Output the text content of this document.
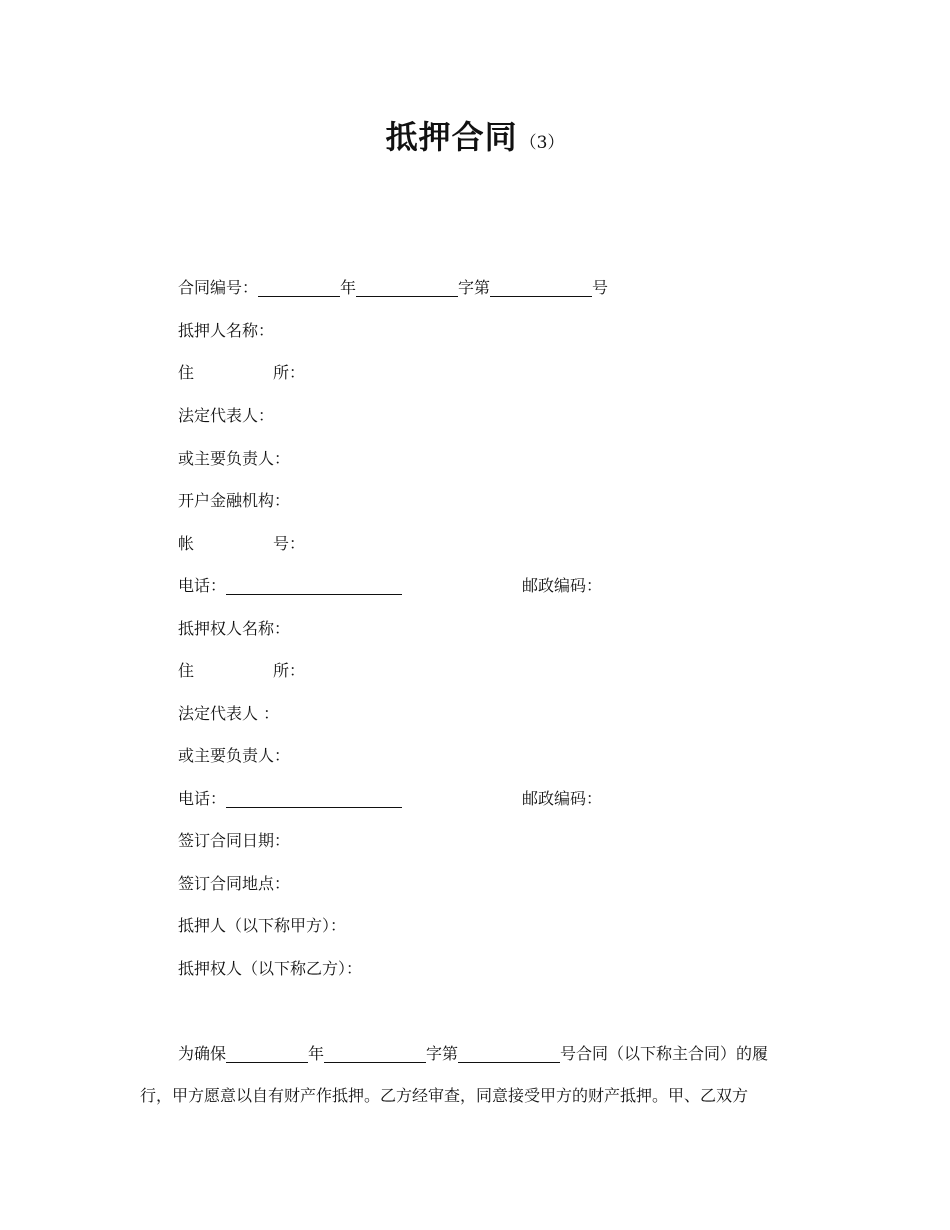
抵押合同 （3）
合同编号：	年	字第	号
抵押人名称：
住	所：
法定代表人：
或主要负责人：
开户金融机构：
帐	号：
电话：	邮政编码：
抵押权人名称：
住	所：
法定代表人 ：
或主要负责人：
电话：	邮政编码：
签订合同日期：
签订合同地点：
抵押人（以下称甲方）：
抵押权人（以下称乙方）：
为确保	年	字第	号合同（以下称主合同）的履
行，甲方愿意以自有财产作抵押。乙方经审查，同意接受甲方的财产抵押。甲、乙双方
